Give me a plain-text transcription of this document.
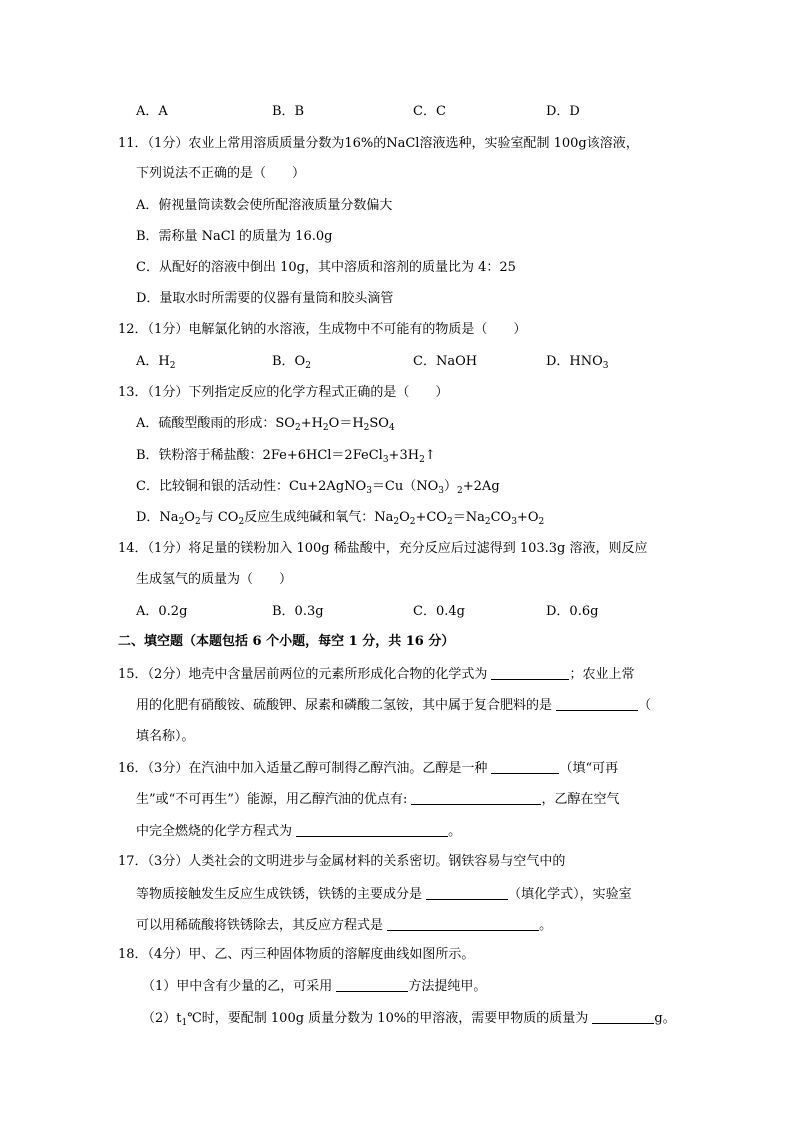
A．A	B．B	C．C	D．D
11．（1分）农业上常用溶质质量分数为16%的NaCl溶液选种，实验室配制 100g该溶液，
下列说法不正确的是（　　）
A．俯视量筒读数会使所配溶液质量分数偏大
B．需称量 NaCl 的质量为 16.0g
C．从配好的溶液中倒出 10g，其中溶质和溶剂的质量比为 4：25
D．量取水时所需要的仪器有量筒和胶头滴管
12．（1分）电解氯化钠的水溶液，生成物中不可能有的物质是（　　）
A．$H_2$	B．$O_2$	C．NaOH	D．$HNO_3$
13．（1分）下列指定反应的化学方程式正确的是（　　）
A．硫酸型酸雨的形成：$SO_2+H_2O=H_2SO_4$
B．铁粉溶于稀盐酸：$2Fe+6HCl=2FeCl_3+3H_2↑$
C．比较铜和银的活动性：$Cu+2AgNO_3=Cu(NO_3)_2+2Ag$
D．$Na_2O_2$与 $CO_2$反应生成纯碱和氧气：$Na_2O_2+CO_2=Na_2CO_3+O_2$
14．（1分）将足量的镁粉加入 100g 稀盐酸中，充分反应后过滤得到 103.3g 溶液，则反应
生成氢气的质量为（　　）
A．0.2g	B．0.3g	C．0.4g	D．0.6g
二、填空题（本题包括 6 个小题，每空 1 分，共 16 分）
15．（2分）地壳中含量居前两位的元素所形成化合物的化学式为	；农业上常
用的化肥有硝酸铵、硫酸钾、尿素和磷酸二氢铵，其中属于复合肥料的是	（
填名称）。
16．（3分）在汽油中加入适量乙醇可制得乙醇汽油。乙醇是一种	（填“可再
生”或“不可再生”）能源，用乙醇汽油的优点有:	，乙醇在空气
中完全燃烧的化学方程式为	。
17．（3分）人类社会的文明进步与金属材料的关系密切。钢铁容易与空气中的
等物质接触发生反应生成铁锈，铁锈的主要成分是	（填化学式），实验室
可以用稀硫酸将铁锈除去，其反应方程式是	。
18．（4分）甲、乙、丙三种固体物质的溶解度曲线如图所示。
（1）甲中含有少量的乙，可采用	方法提纯甲。
$(2)t_1℃$时，要配制 100g 质量分数为 10%的甲溶液，需要甲物质的质量为	g。
